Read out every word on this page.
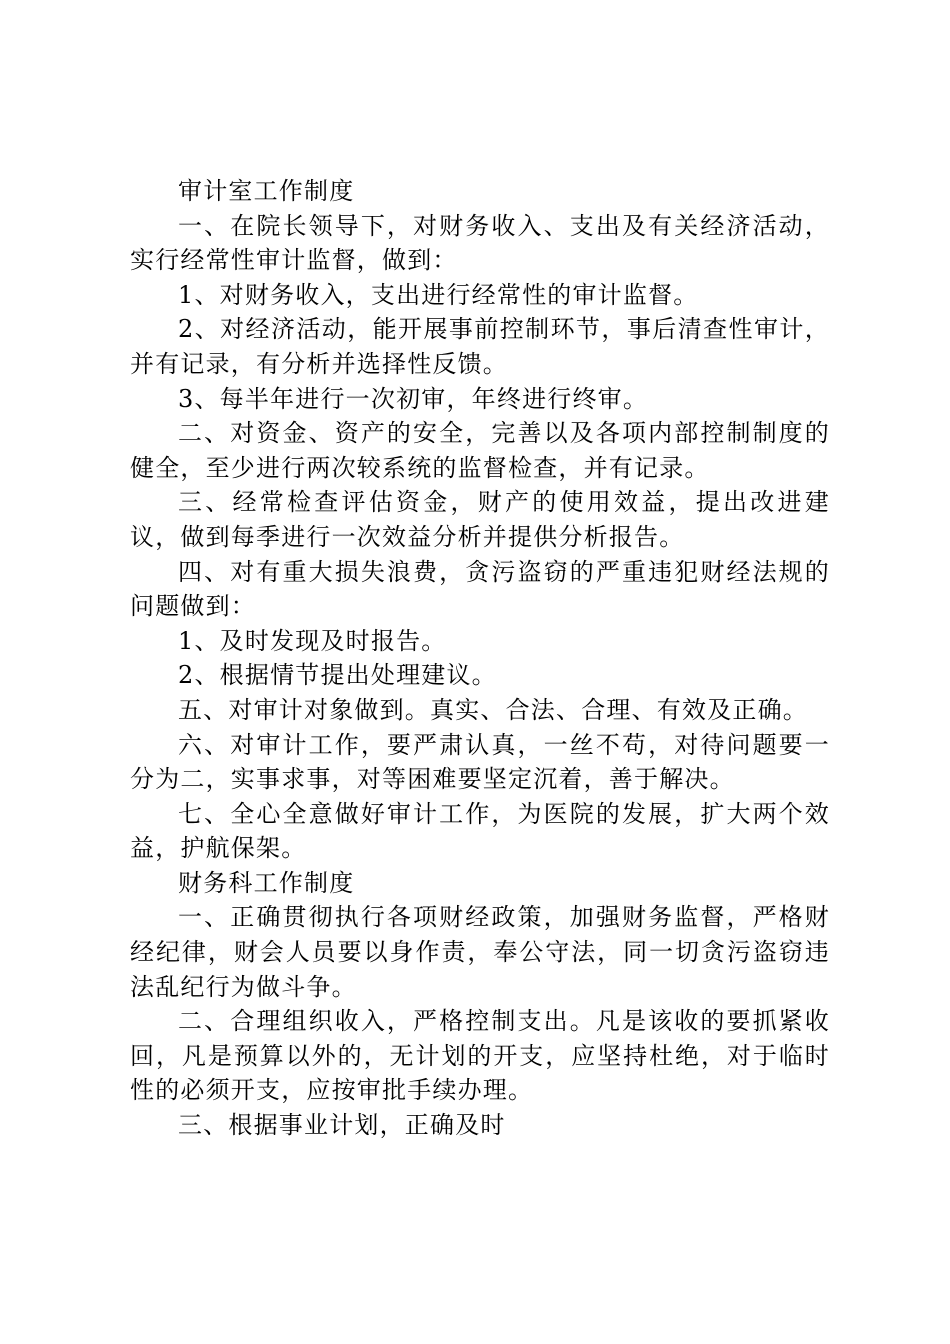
审计室工作制度

一、在院长领导下，对财务收入、支出及有关经济活动，实行经常性审计监督，做到：

1、对财务收入，支出进行经常性的审计监督。

2、对经济活动，能开展事前控制环节，事后清查性审计，并有记录，有分析并选择性反馈。

3、每半年进行一次初审，年终进行终审。

二、对资金、资产的安全，完善以及各项内部控制制度的健全，至少进行两次较系统的监督检查，并有记录。

三、经常检查评估资金，财产的使用效益，提出改进建议，做到每季进行一次效益分析并提供分析报告。

四、对有重大损失浪费，贪污盗窃的严重违犯财经法规的问题做到：

1、及时发现及时报告。

2、根据情节提出处理建议。

五、对审计对象做到。真实、合法、合理、有效及正确。

六、对审计工作，要严肃认真，一丝不苟，对待问题要一分为二，实事求事，对等困难要坚定沉着，善于解决。

七、全心全意做好审计工作，为医院的发展，扩大两个效益，护航保架。

财务科工作制度

一、正确贯彻执行各项财经政策，加强财务监督，严格财经纪律，财会人员要以身作责，奉公守法，同一切贪污盗窃违法乱纪行为做斗争。

二、合理组织收入，严格控制支出。凡是该收的要抓紧收回，凡是预算以外的，无计划的开支，应坚持杜绝，对于临时性的必须开支，应按审批手续办理。

三、根据事业计划，正确及时
